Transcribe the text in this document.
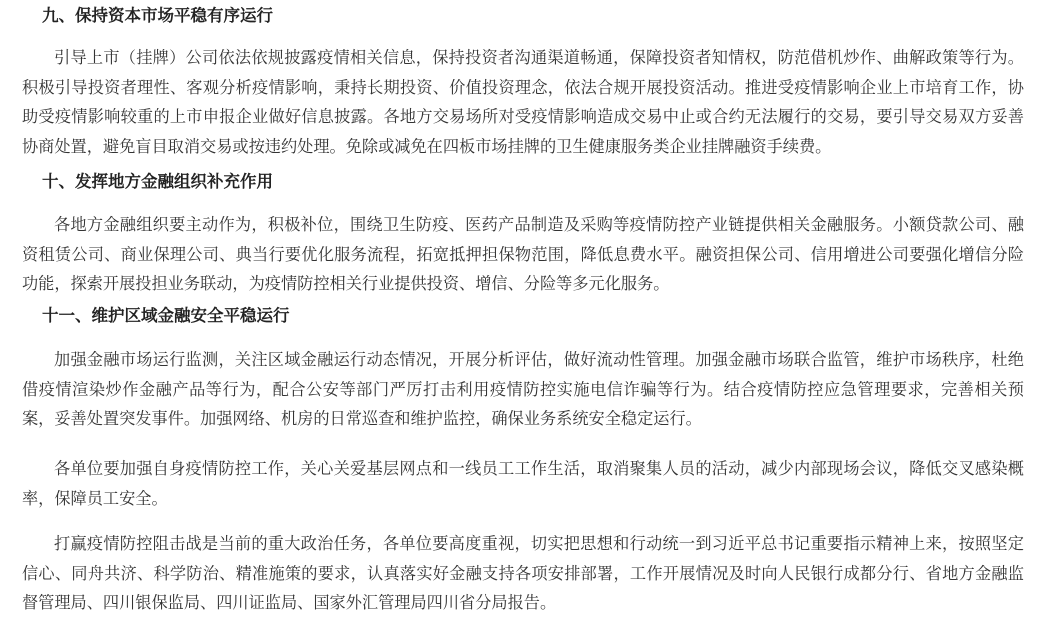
九、保持资本市场平稳有序运行

引导上市（挂牌）公司依法依规披露疫情相关信息，保持投资者沟通渠道畅通，保障投资者知情权，防范借机炒作、曲解政策等行为。积极引导投资者理性、客观分析疫情影响，秉持长期投资、价值投资理念，依法合规开展投资活动。推进受疫情影响企业上市培育工作，协助受疫情影响较重的上市申报企业做好信息披露。各地方交易场所对受疫情影响造成交易中止或合约无法履行的交易，要引导交易双方妥善协商处置，避免盲目取消交易或按违约处理。免除或减免在四板市场挂牌的卫生健康服务类企业挂牌融资手续费。

十、发挥地方金融组织补充作用

各地方金融组织要主动作为，积极补位，围绕卫生防疫、医药产品制造及采购等疫情防控产业链提供相关金融服务。小额贷款公司、融资租赁公司、商业保理公司、典当行要优化服务流程，拓宽抵押担保物范围，降低息费水平。融资担保公司、信用增进公司要强化增信分险功能，探索开展投担业务联动，为疫情防控相关行业提供投资、增信、分险等多元化服务。

十一、维护区域金融安全平稳运行

加强金融市场运行监测，关注区域金融运行动态情况，开展分析评估，做好流动性管理。加强金融市场联合监管，维护市场秩序，杜绝借疫情渲染炒作金融产品等行为，配合公安等部门严厉打击利用疫情防控实施电信诈骗等行为。结合疫情防控应急管理要求，完善相关预案，妥善处置突发事件。加强网络、机房的日常巡查和维护监控，确保业务系统安全稳定运行。

各单位要加强自身疫情防控工作，关心关爱基层网点和一线员工工作生活，取消聚集人员的活动，减少内部现场会议，降低交叉感染概率，保障员工安全。

打赢疫情防控阻击战是当前的重大政治任务，各单位要高度重视，切实把思想和行动统一到习近平总书记重要指示精神上来，按照坚定信心、同舟共济、科学防治、精准施策的要求，认真落实好金融支持各项安排部署，工作开展情况及时向人民银行成都分行、省地方金融监督管理局、四川银保监局、四川证监局、国家外汇管理局四川省分局报告。
